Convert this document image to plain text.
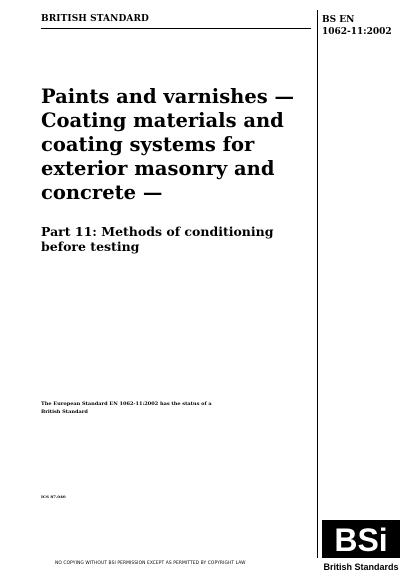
BRITISH STANDARD	BS EN
1062-11:2002
Paints and varnishes —
Coating materials and
coating systems for
exterior masonry and
concrete —
Part 11: Methods of conditioning
before testing
The European Standard EN 1062-11:2002 has the status of a
British Standard
ICS 87.040
BSi
British Standards
NO COPYING WITHOUT BSI PERMISSION EXCEPT AS PERMITTED BY COPYRIGHT LAW
